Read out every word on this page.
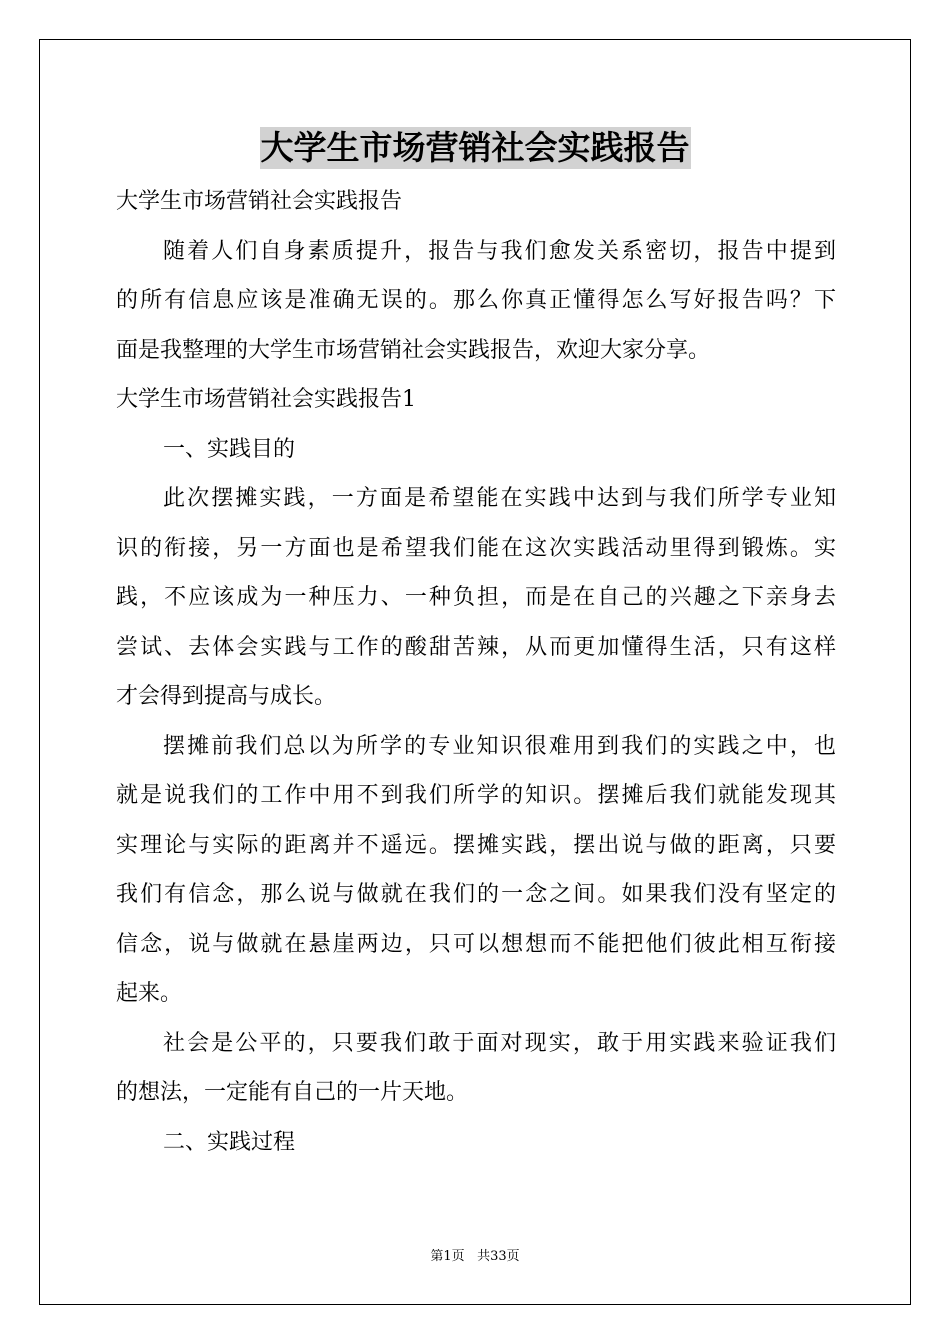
大学生市场营销社会实践报告
大学生市场营销社会实践报告
随着人们自身素质提升，报告与我们愈发关系密切，报告中提到
的所有信息应该是准确无误的。那么你真正懂得怎么写好报告吗？下
面是我整理的大学生市场营销社会实践报告，欢迎大家分享。
大学生市场营销社会实践报告1
一、实践目的
此次摆摊实践，一方面是希望能在实践中达到与我们所学专业知
识的衔接，另一方面也是希望我们能在这次实践活动里得到锻炼。实
践，不应该成为一种压力、一种负担，而是在自己的兴趣之下亲身去
尝试、去体会实践与工作的酸甜苦辣，从而更加懂得生活，只有这样
才会得到提高与成长。
摆摊前我们总以为所学的专业知识很难用到我们的实践之中，也
就是说我们的工作中用不到我们所学的知识。摆摊后我们就能发现其
实理论与实际的距离并不遥远。摆摊实践，摆出说与做的距离，只要
我们有信念，那么说与做就在我们的一念之间。如果我们没有坚定的
信念，说与做就在悬崖两边，只可以想想而不能把他们彼此相互衔接
起来。
社会是公平的，只要我们敢于面对现实，敢于用实践来验证我们
的想法，一定能有自己的一片天地。
二、实践过程
第1页 共33页
